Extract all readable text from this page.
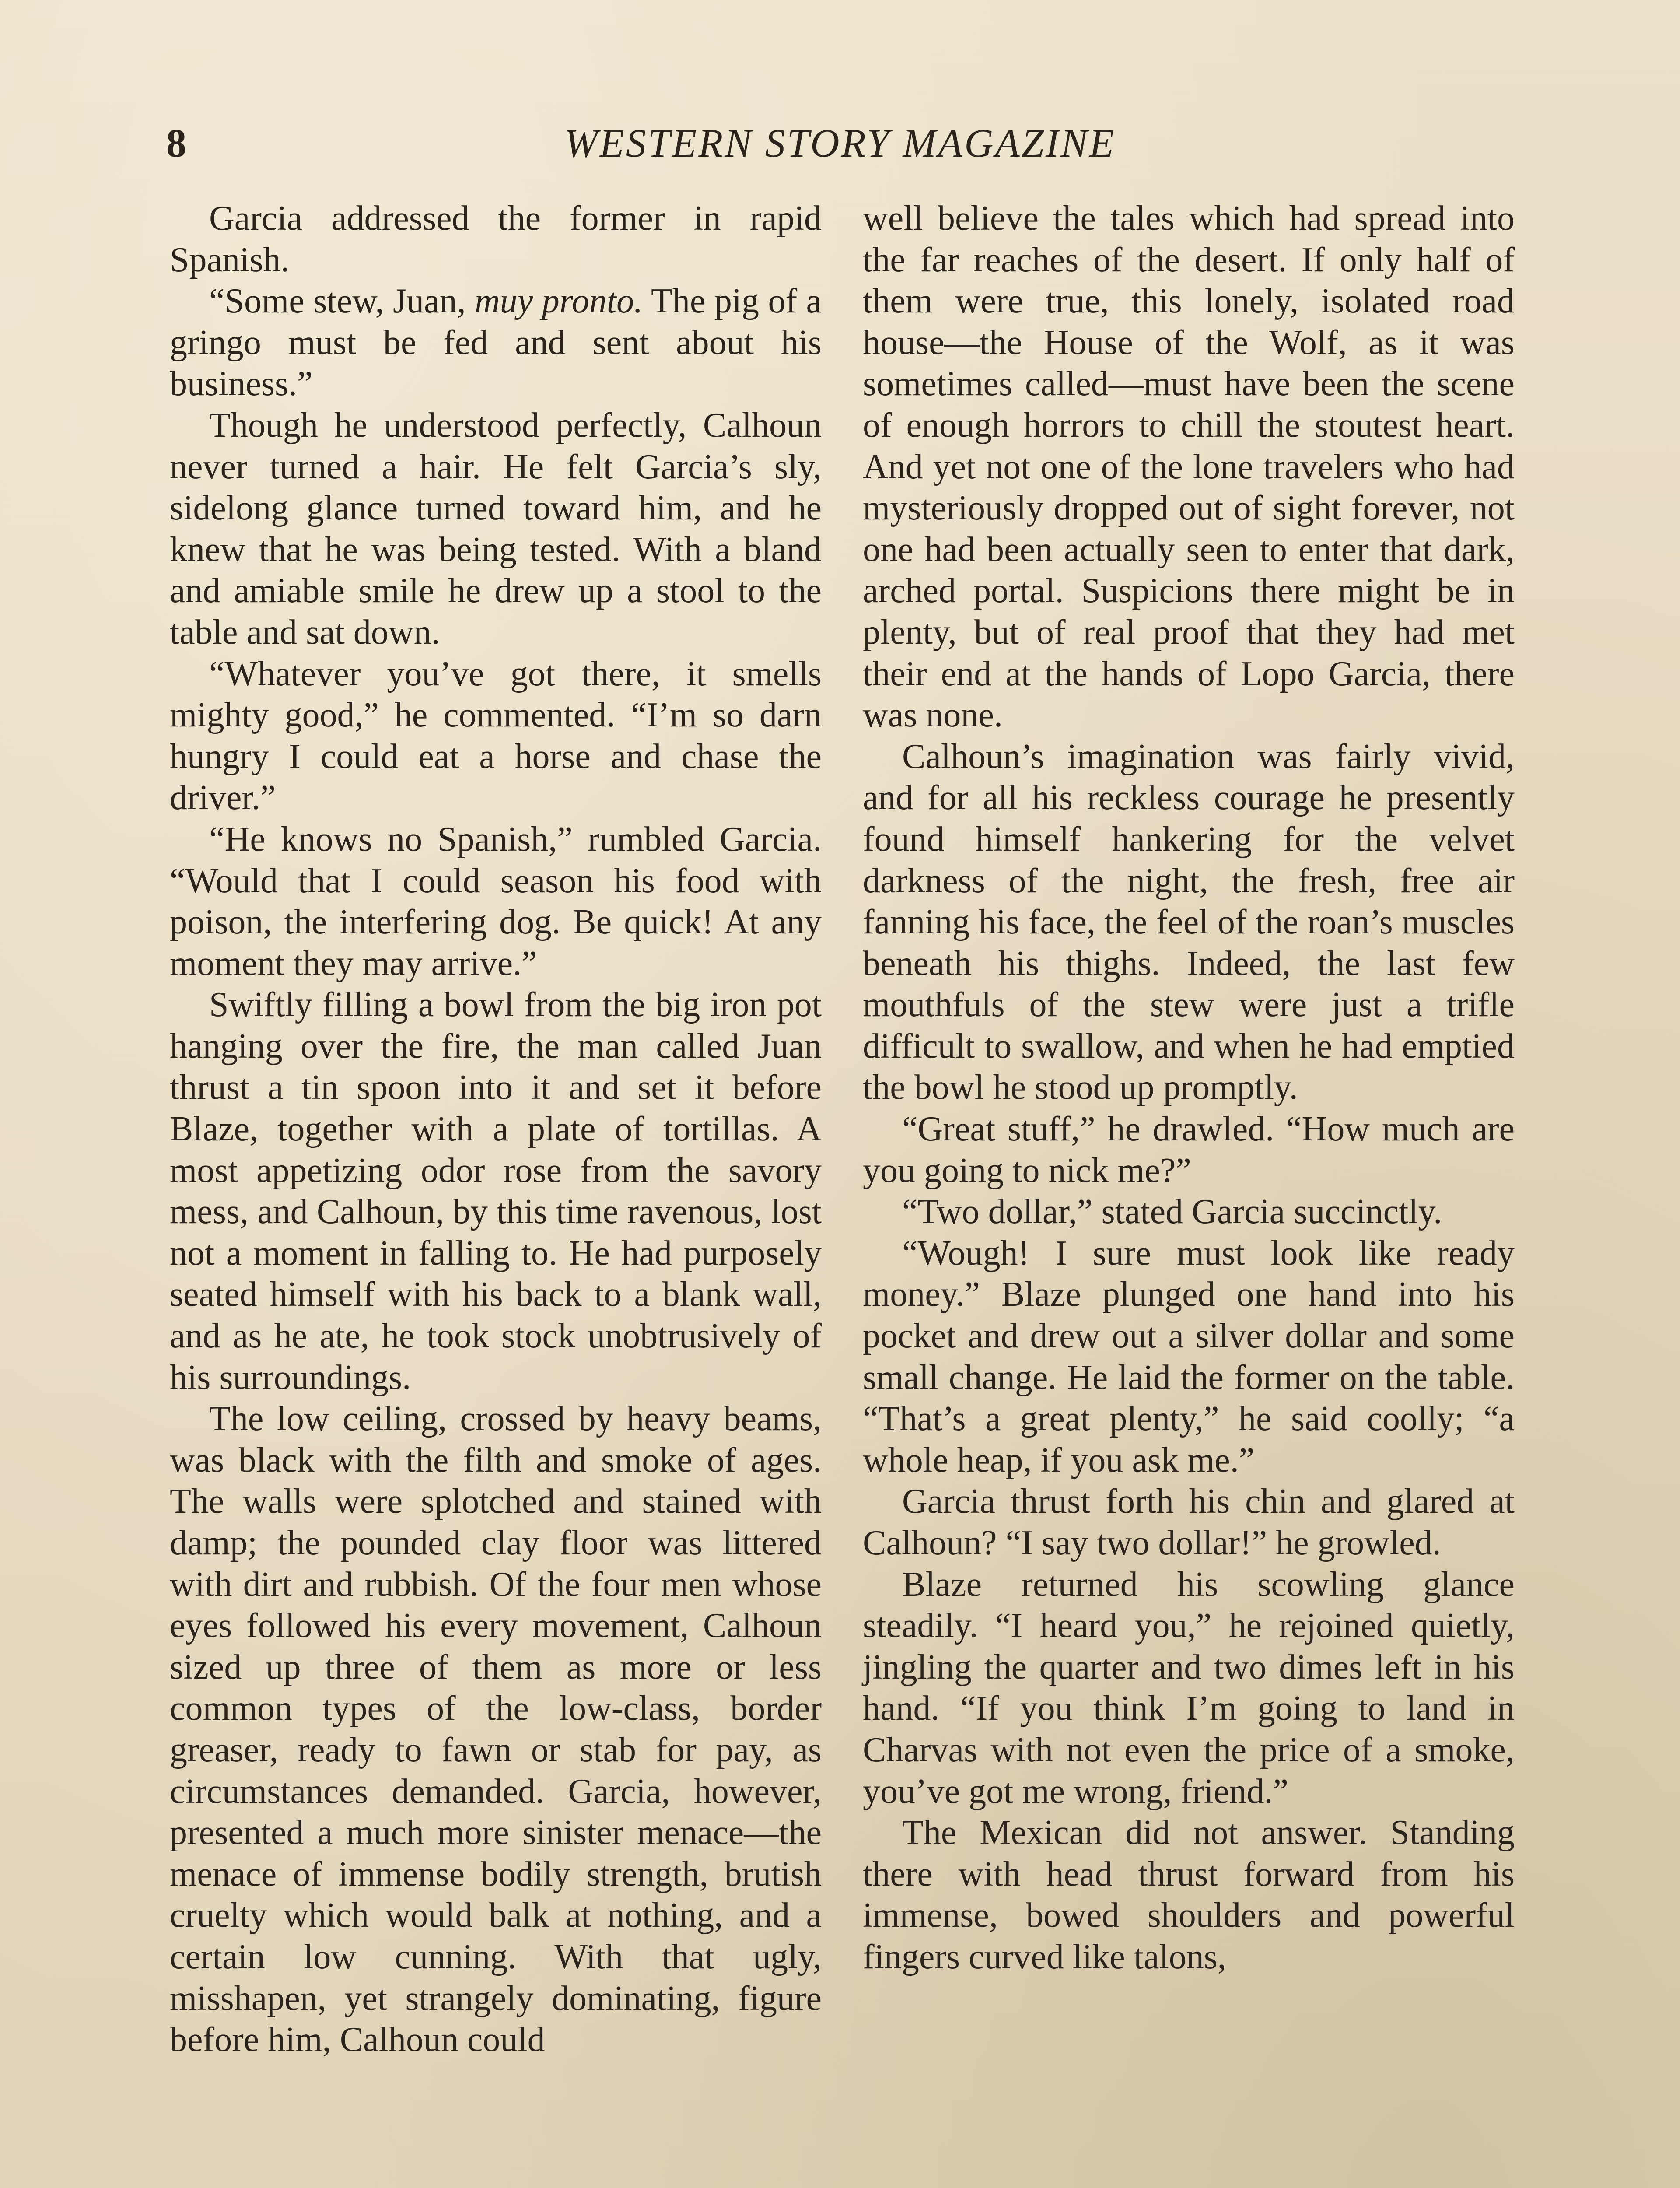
8	WESTERN STORY MAGAZINE

Garcia addressed the former in rapid Spanish.

“Some stew, Juan, muy pronto. The pig of a gringo must be fed and sent about his business.”

Though he understood perfectly, Calhoun never turned a hair. He felt Garcia’s sly, sidelong glance turned toward him, and he knew that he was being tested. With a bland and amiable smile he drew up a stool to the table and sat down.

“Whatever you’ve got there, it smells mighty good,” he commented. “I’m so darn hungry I could eat a horse and chase the driver.”

“He knows no Spanish,” rumbled Garcia. “Would that I could season his food with poison, the interfering dog. Be quick! At any moment they may arrive.”

Swiftly filling a bowl from the big iron pot hanging over the fire, the man called Juan thrust a tin spoon into it and set it before Blaze, together with a plate of tortillas. A most appetizing odor rose from the savory mess, and Calhoun, by this time ravenous, lost not a moment in falling to. He had purposely seated himself with his back to a blank wall, and as he ate, he took stock unobtrusively of his surroundings.

The low ceiling, crossed by heavy beams, was black with the filth and smoke of ages. The walls were splotched and stained with damp; the pounded clay floor was littered with dirt and rubbish. Of the four men whose eyes followed his every movement, Calhoun sized up three of them as more or less common types of the low-class, border greaser, ready to fawn or stab for pay, as circumstances demanded. Garcia, however, presented a much more sinister menace—the menace of immense bodily strength, brutish cruelty which would balk at nothing, and a certain low cunning. With that ugly, misshapen, yet strangely dominating, figure before him, Calhoun could

well believe the tales which had spread into the far reaches of the desert. If only half of them were true, this lonely, isolated road house—the House of the Wolf, as it was sometimes called—must have been the scene of enough horrors to chill the stoutest heart. And yet not one of the lone travelers who had mysteriously dropped out of sight forever, not one had been actually seen to enter that dark, arched portal. Suspicions there might be in plenty, but of real proof that they had met their end at the hands of Lopo Garcia, there was none.

Calhoun’s imagination was fairly vivid, and for all his reckless courage he presently found himself hankering for the velvet darkness of the night, the fresh, free air fanning his face, the feel of the roan’s muscles beneath his thighs. Indeed, the last few mouthfuls of the stew were just a trifle difficult to swallow, and when he had emptied the bowl he stood up promptly.

“Great stuff,” he drawled. “How much are you going to nick me?”

“Two dollar,” stated Garcia succinctly.

“Wough! I sure must look like ready money.” Blaze plunged one hand into his pocket and drew out a silver dollar and some small change. He laid the former on the table. “That’s a great plenty,” he said coolly; “a whole heap, if you ask me.”

Garcia thrust forth his chin and glared at Calhoun? “I say two dollar!” he growled.

Blaze returned his scowling glance steadily. “I heard you,” he rejoined quietly, jingling the quarter and two dimes left in his hand. “If you think I’m going to land in Charvas with not even the price of a smoke, you’ve got me wrong, friend.”

The Mexican did not answer. Standing there with head thrust forward from his immense, bowed shoulders and powerful fingers curved like talons,
